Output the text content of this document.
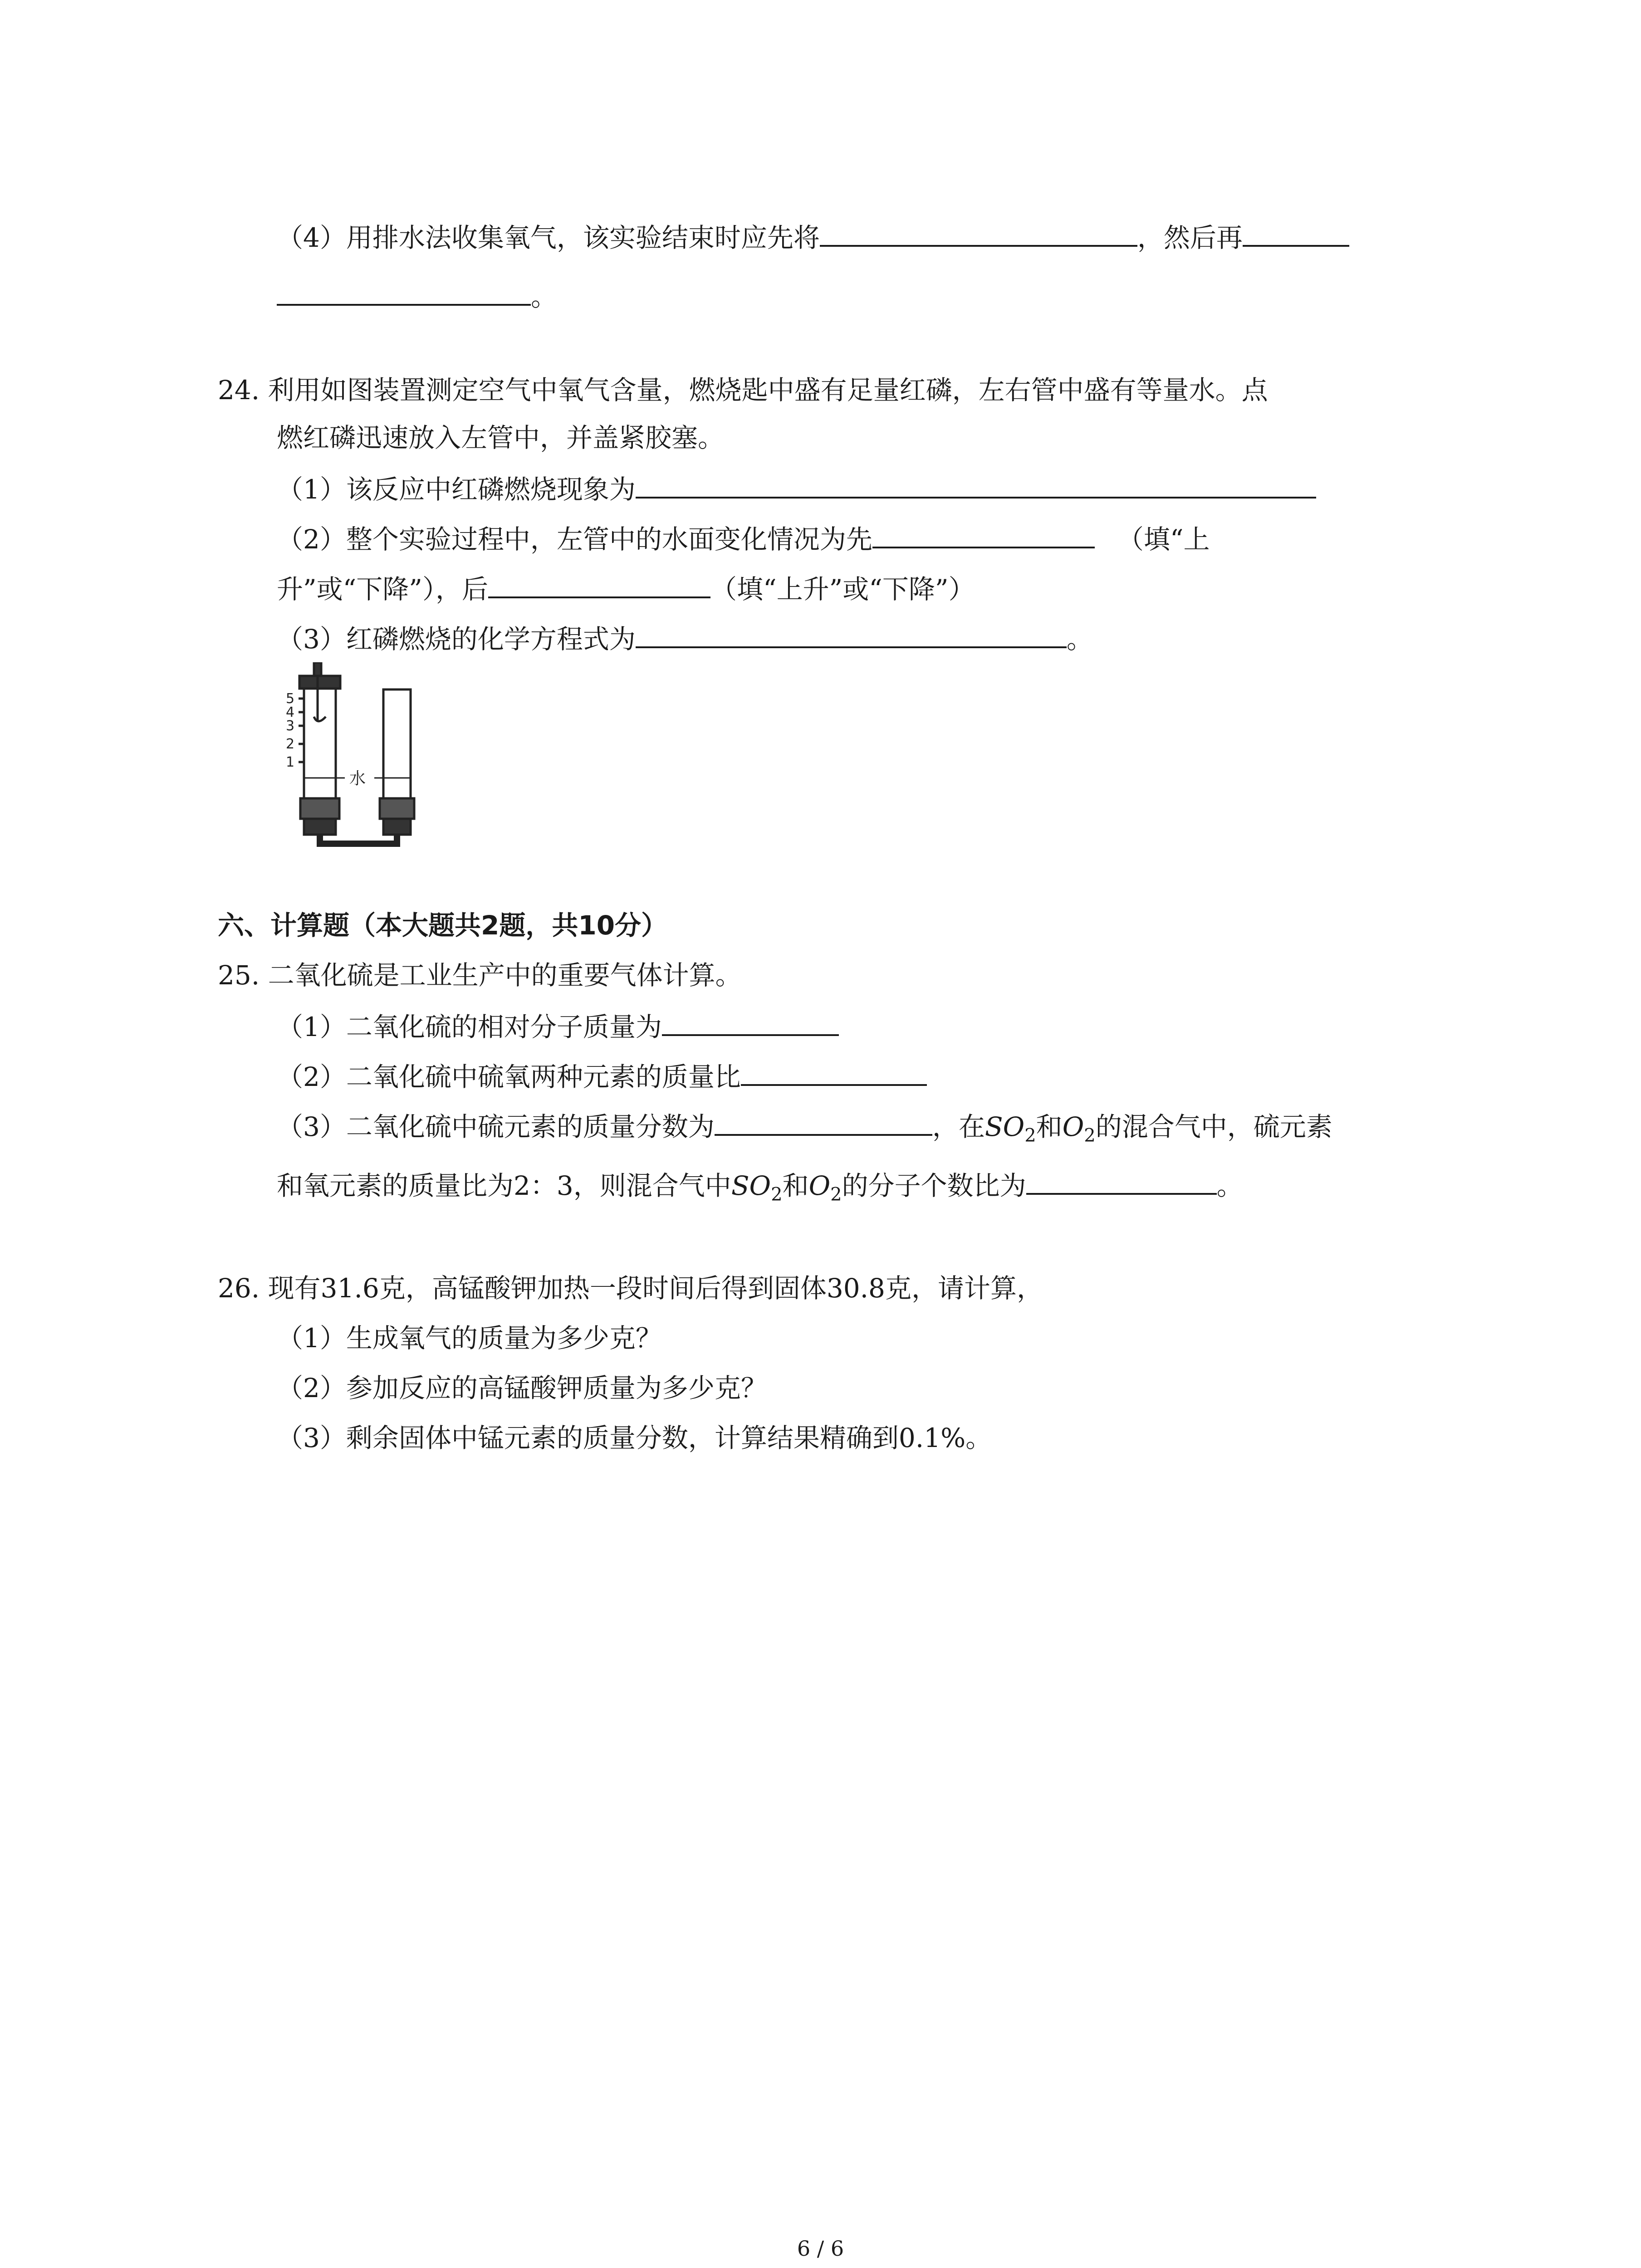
（4）用排水法收集氧气，该实验结束时应先将	，然后再
。
24. 利用如图装置测定空气中氧气含量，燃烧匙中盛有足量红磷，左右管中盛有等量水。点
燃红磷迅速放入左管中，并盖紧胶塞。
（1）该反应中红磷燃烧现象为
（2）整个实验过程中，左管中的水面变化情况为先	（填“上
升”或“下降”），后	（填“上升”或“下降”）
（3）红磷燃烧的化学方程式为	。
5
4
3
2
1
水
六、计算题（本大题共2题，共10分）
25. 二氧化硫是工业生产中的重要气体计算。
（1）二氧化硫的相对分子质量为
（2）二氧化硫中硫氧两种元素的质量比
（3）二氧化硫中硫元素的质量分数为	，在$SO_2$和$O_2$的混合气中，硫元素
和氧元素的质量比为2：3，则混合气中$SO_2$和$O_2$的分子个数比为	。
26. 现有31.6克，高锰酸钾加热一段时间后得到固体30.8克，请计算，
（1）生成氧气的质量为多少克？
（2）参加反应的高锰酸钾质量为多少克？
（3）剩余固体中锰元素的质量分数，计算结果精确到0.1%。
6 / 6
